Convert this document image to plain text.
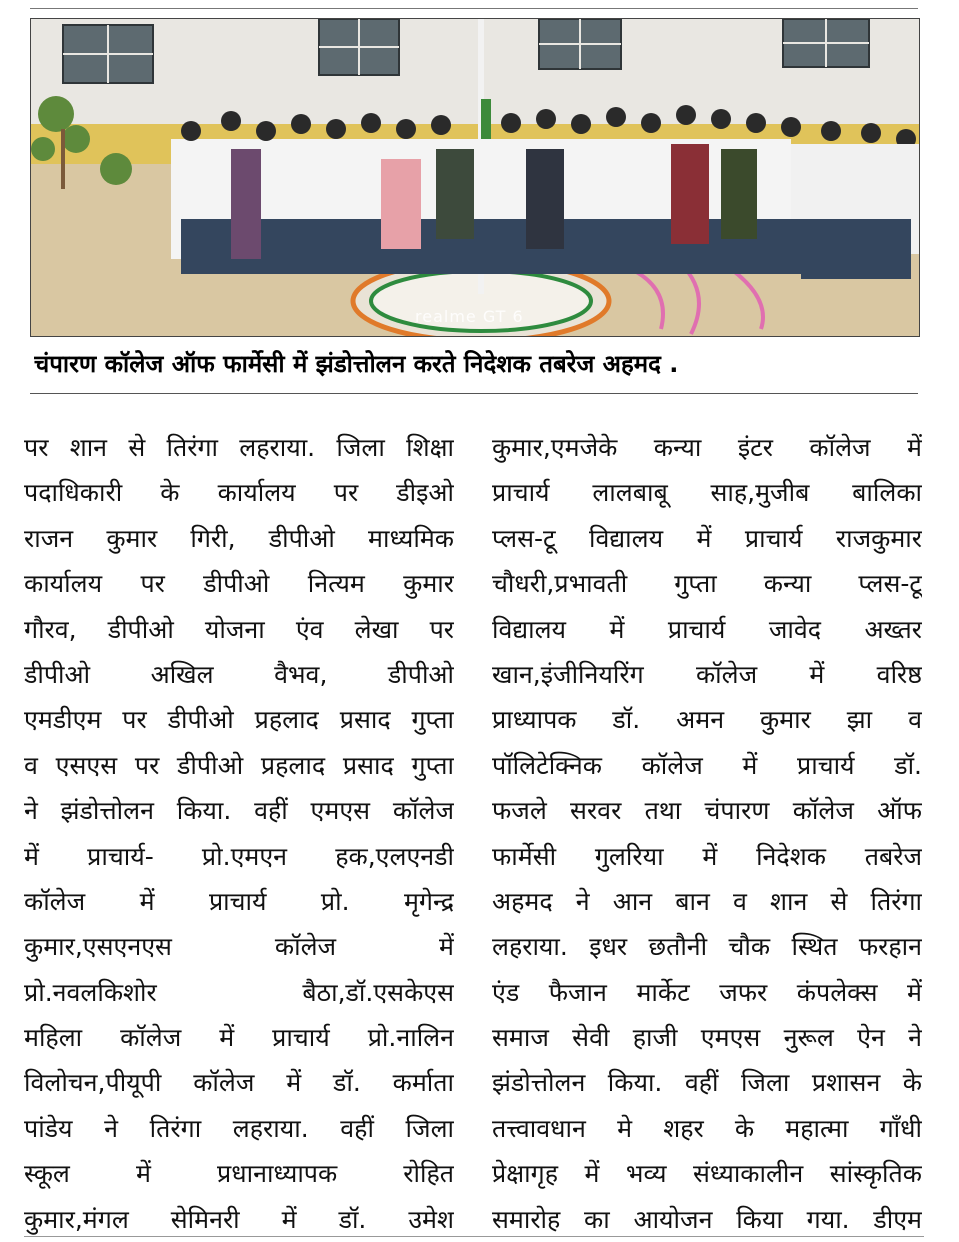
realme GT 6
चंपारण कॉलेज ऑफ फार्मेसी में झंडोत्तोलन करते निदेशक तबरेज अहमद .
पर शान से तिरंगा लहराया. जिला शिक्षा
पदाधिकारी के कार्यालय पर डीइओ
राजन कुमार गिरी, डीपीओ माध्यमिक
कार्यालय पर डीपीओ नित्यम कुमार
गौरव, डीपीओ योजना एंव लेखा पर
डीपीओ अखिल वैभव, डीपीओ
एमडीएम पर डीपीओ प्रहलाद प्रसाद गुप्ता
व एसएस पर डीपीओ प्रहलाद प्रसाद गुप्ता
ने झंडोत्तोलन किया. वहीं एमएस कॉलेज
में प्राचार्य- प्रो.एमएन हक,एलएनडी
कॉलेज में प्राचार्य प्रो. मृगेन्द्र
कुमार,एसएनएस कॉलेज में
प्रो.नवलकिशोर बैठा,डॉ.एसकेएस
महिला कॉलेज में प्राचार्य प्रो.नालिन
विलोचन,पीयूपी कॉलेज में डॉ. कर्माता
पांडेय ने तिरंगा लहराया. वहीं जिला
स्कूल में प्रधानाध्यापक रोहित
कुमार,मंगल सेमिनरी में डॉ. उमेश
कुमार,एमजेके कन्या इंटर कॉलेज में
प्राचार्य लालबाबू साह,मुजीब बालिका
प्लस-टू विद्यालय में प्राचार्य राजकुमार
चौधरी,प्रभावती गुप्ता कन्या प्लस-टू
विद्यालय में प्राचार्य जावेद अख्तर
खान,इंजीनियरिंग कॉलेज में वरिष्ठ
प्राध्यापक डॉ. अमन कुमार झा व
पॉलिटेक्निक कॉलेज में प्राचार्य डॉ.
फजले सरवर तथा चंपारण कॉलेज ऑफ
फार्मेसी गुलरिया में निदेशक तबरेज
अहमद ने आन बान व शान से तिरंगा
लहराया. इधर छतौनी चौक स्थित फरहान
एंड फैजान मार्केट जफर कंपलेक्स में
समाज सेवी हाजी एमएस नुरूल ऐन ने
झंडोत्तोलन किया. वहीं जिला प्रशासन के
तत्त्वावधान मे शहर के महात्मा गॉंधी
प्रेक्षागृह में भव्य संध्याकालीन सांस्कृतिक
समारोह का आयोजन किया गया. डीएम
